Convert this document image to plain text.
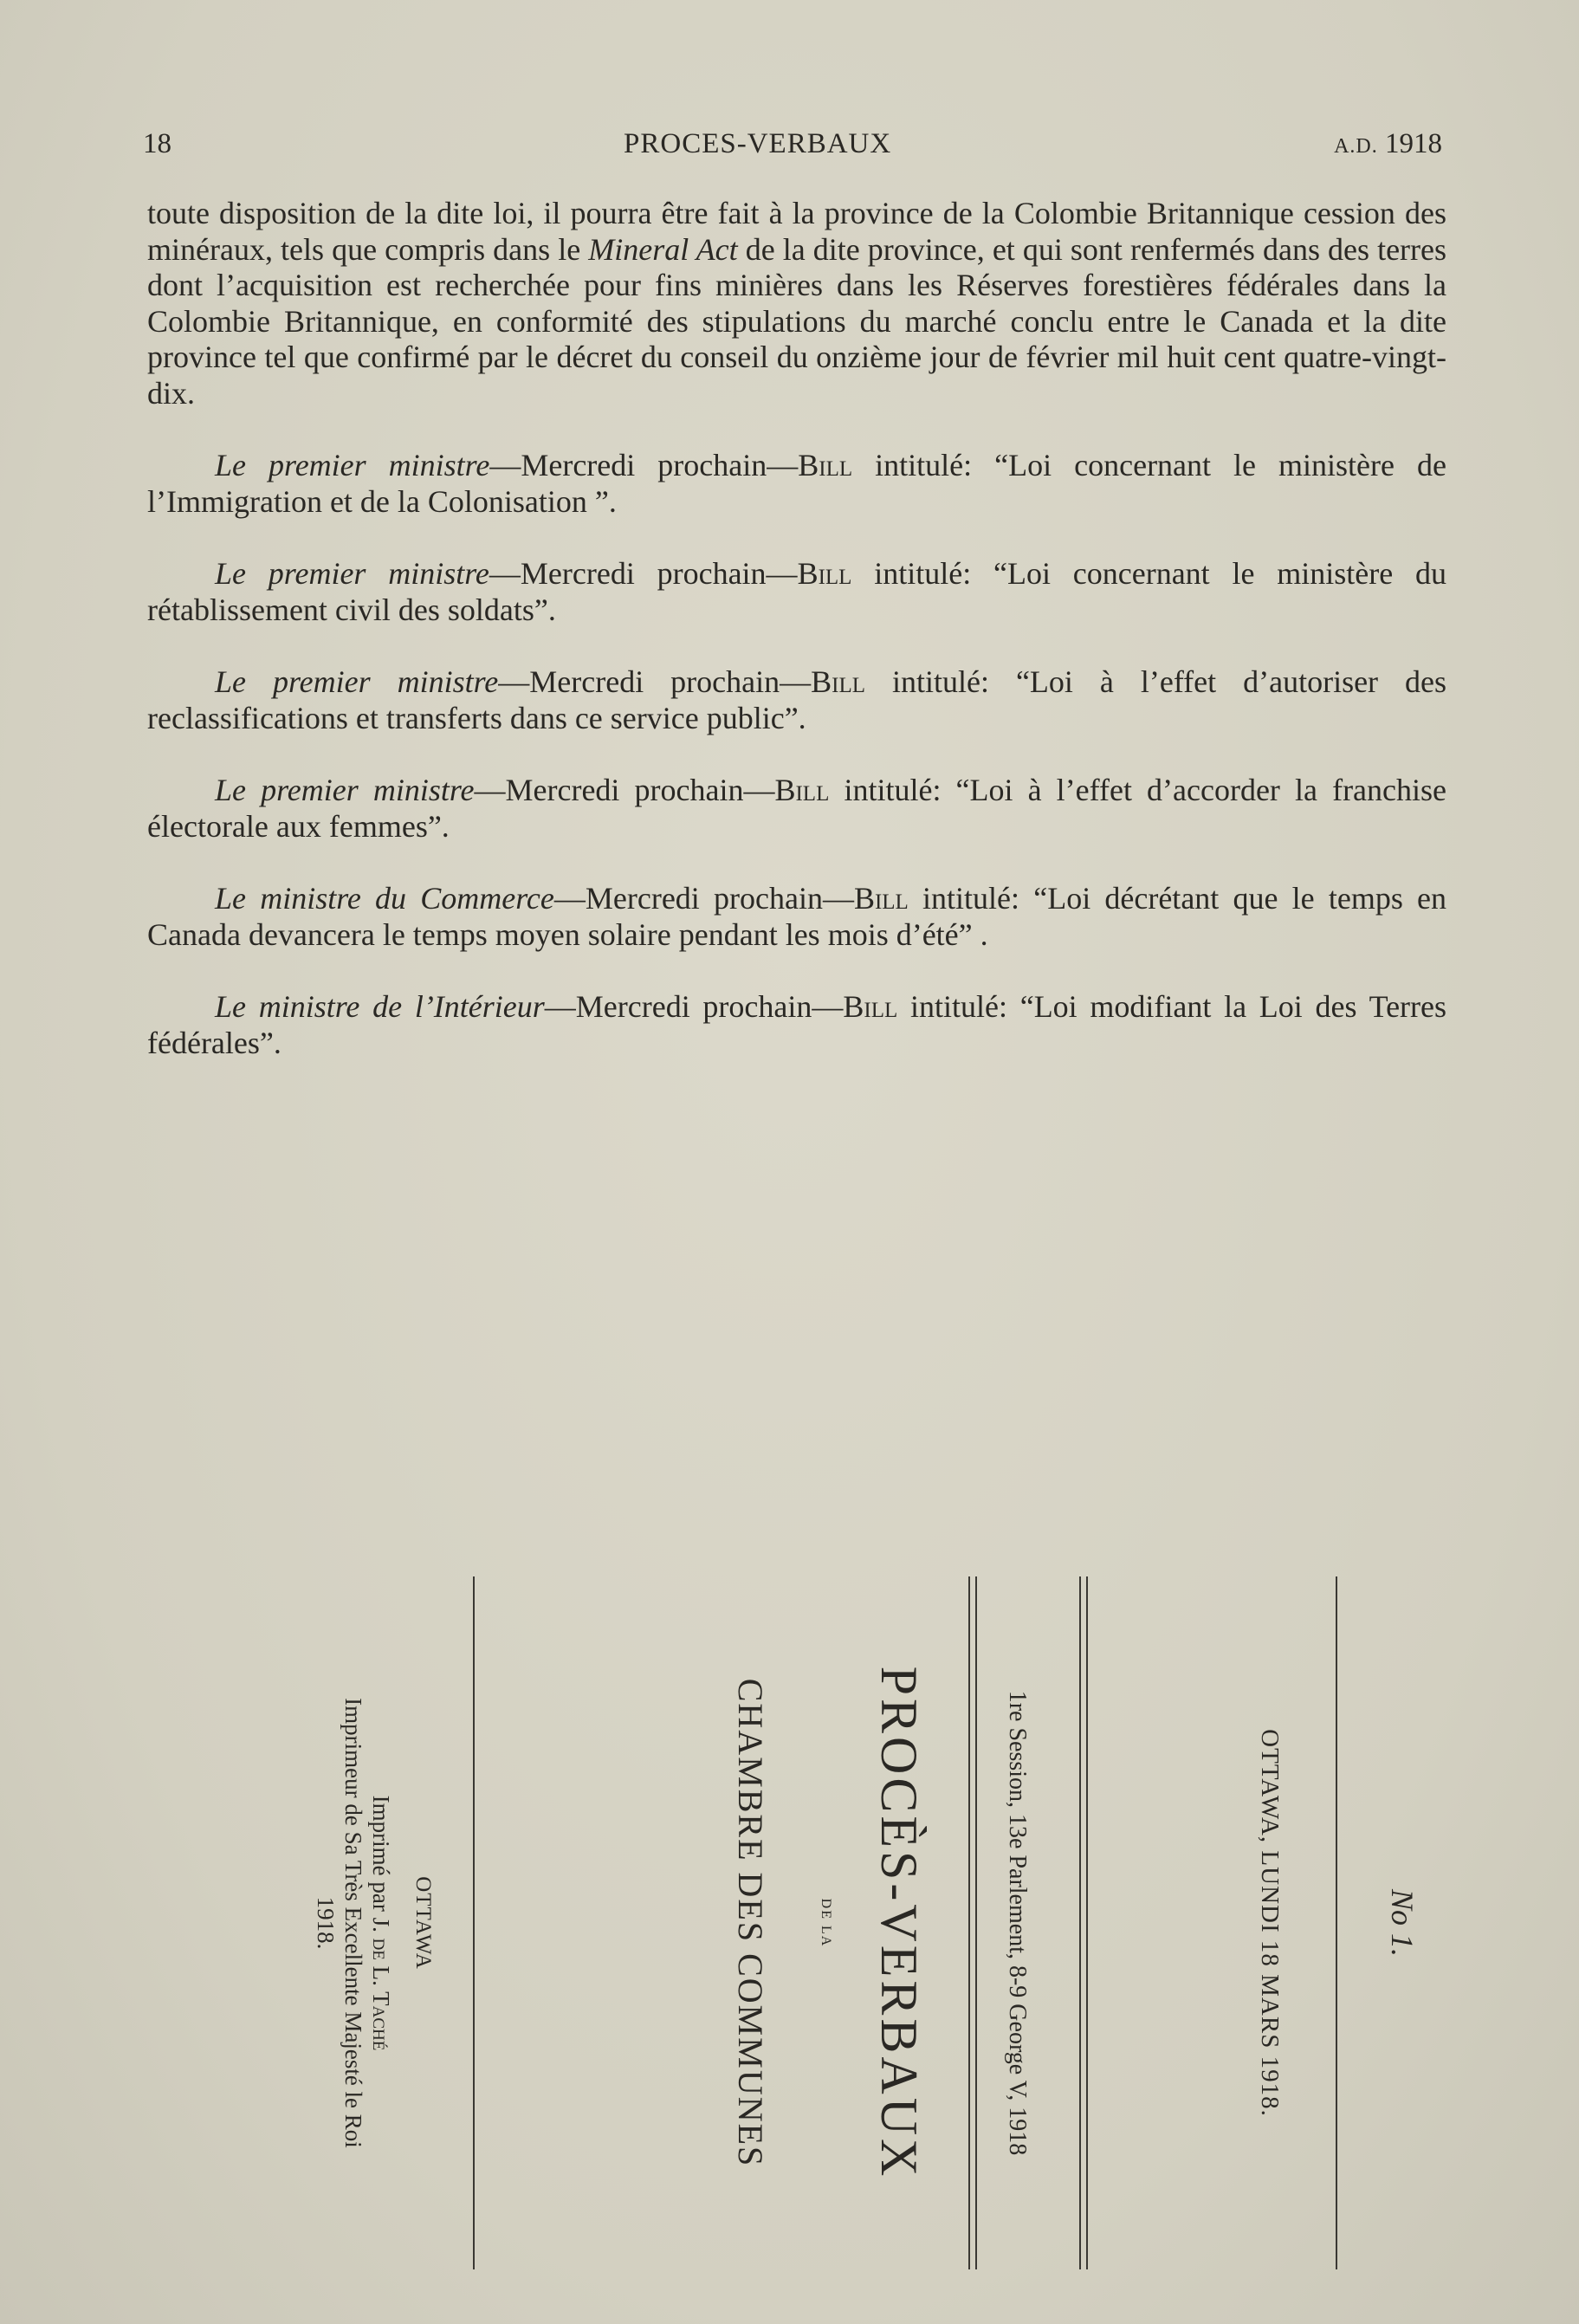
18	PROCES-VERBAUX	A.D. 1918

toute disposition de la dite loi, il pourra être fait à la province de la Colombie Britannique cession des minéraux, tels que compris dans le Mineral Act de la dite province, et qui sont renfermés dans des terres dont l’acquisition est recherchée pour fins minières dans les Réserves forestières fédérales dans la Colombie Britannique, en conformité des stipulations du marché conclu entre le Canada et la dite province tel que confirmé par le décret du conseil du onzième jour de février mil huit cent quatre-vingt-dix.

Le premier ministre—Mercredi prochain—Bill intitulé: “Loi concernant le ministère de l’Immigration et de la Colonisation ”.

Le premier ministre—Mercredi prochain—Bill intitulé: “Loi concernant le ministère du rétablissement civil des soldats”.

Le premier ministre—Mercredi prochain—Bill intitulé: “Loi à l’effet d’autoriser des reclassifications et transferts dans ce service public”.

Le premier ministre—Mercredi prochain—Bill intitulé: “Loi à l’effet d’accorder la franchise électorale aux femmes”.

Le ministre du Commerce—Mercredi prochain—Bill intitulé: “Loi décrétant que le temps en Canada devancera le temps moyen solaire pendant les mois d’été” .

Le ministre de l’Intérieur—Mercredi prochain—Bill intitulé: “Loi modifiant la Loi des Terres fédérales”.

No 1.
OTTAWA, LUNDI 18 MARS 1918.
1re Session, 13e Parlement, 8-9 George V, 1918
PROCÈS-VERBAUX
DE LA
CHAMBRE DES COMMUNES
OTTAWA
Imprimé par J. de L. Taché
Imprimeur de Sa Très Excellente Majesté le Roi
1918.
